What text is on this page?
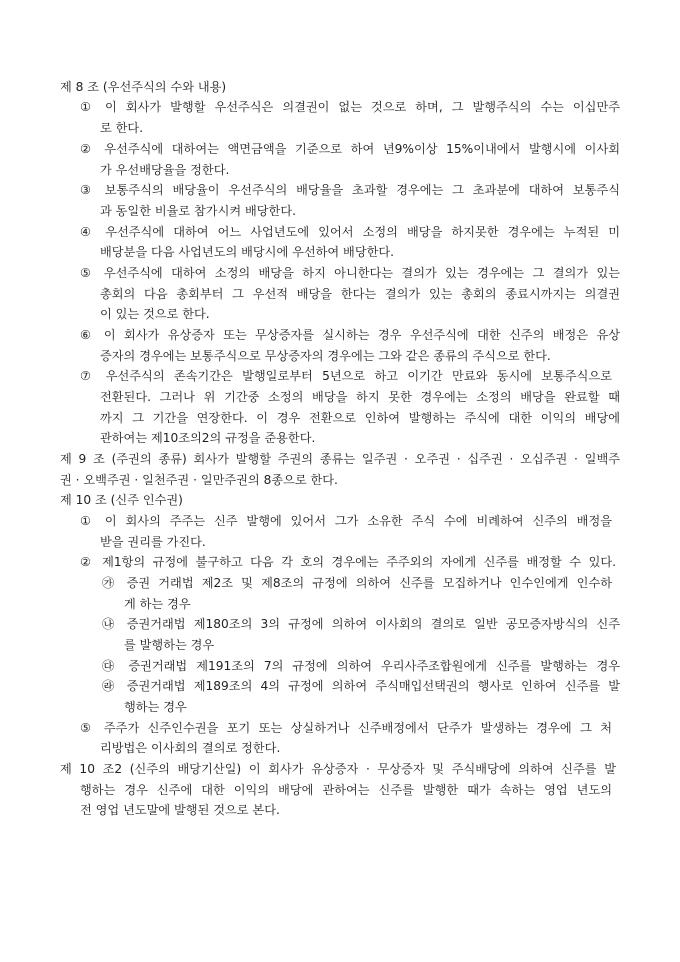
제 8 조 (우선주식의 수와 내용)
① 이 회사가 발행할 우선주식은 의결권이 없는 것으로 하며, 그 발행주식의 수는 이십만주
로 한다.
② 우선주식에 대하여는 액면금액을 기준으로 하여 년9%이상 15%이내에서 발행시에 이사회
가 우선배당율을 정한다.
③ 보통주식의 배당율이 우선주식의 배당율을 초과할 경우에는 그 초과분에 대하여 보통주식
과 동일한 비율로 참가시켜 배당한다.
④ 우선주식에 대하여 어느 사업년도에 있어서 소정의 배당을 하지못한 경우에는 누적된 미
배당분을 다음 사업년도의 배당시에 우선하여 배당한다.
⑤ 우선주식에 대하여 소정의 배당을 하지 아니한다는 결의가 있는 경우에는 그 결의가 있는
총회의 다음 총회부터 그 우선적 배당을 한다는 결의가 있는 총회의 종료시까지는 의결권
이 있는 것으로 한다.
⑥ 이 회사가 유상증자 또는 무상증자를 실시하는 경우 우선주식에 대한 신주의 배정은 유상
증자의 경우에는 보통주식으로 무상증자의 경우에는 그와 같은 종류의 주식으로 한다.
⑦ 우선주식의 존속기간은 발행일로부터 5년으로 하고 이기간 만료와 동시에 보통주식으로
전환된다. 그러나 위 기간중 소정의 배당을 하지 못한 경우에는 소정의 배당을 완료할 때
까지 그 기간을 연장한다. 이 경우 전환으로 인하여 발행하는 주식에 대한 이익의 배당에
관하여는 제10조의2의 규정을 준용한다.
제 9 조 (주권의 종류) 회사가 발행할 주권의 종류는 일주권 · 오주권 · 십주권 · 오십주권 · 일백주
권 · 오백주권 · 일천주권 · 일만주권의 8종으로 한다.
제 10 조 (신주 인수권)
① 이 회사의 주주는 신주 발행에 있어서 그가 소유한 주식 수에 비례하여 신주의 배정을
받을 권리를 가진다.
② 제1항의 규정에 불구하고 다음 각 호의 경우에는 주주외의 자에게 신주를 배정할 수 있다.
㉮ 증권 거래법 제2조 및 제8조의 규정에 의하여 신주를 모집하거나 인수인에게 인수하
게 하는 경우
㉯ 증권거래법 제180조의 3의 규정에 의하여 이사회의 결의로 일반 공모증자방식의 신주
를 발행하는 경우
㉰ 증권거래법 제191조의 7의 규정에 의하여 우리사주조합원에게 신주를 발행하는 경우
㉱ 증권거래법 제189조의 4의 규정에 의하여 주식매입선택권의 행사로 인하여 신주를 발
행하는 경우
⑤ 주주가 신주인수권을 포기 또는 상실하거나 신주배정에서 단주가 발생하는 경우에 그 처
리방법은 이사회의 결의로 정한다.
제 10 조2 (신주의 배당기산일) 이 회사가 유상증자 · 무상증자 및 주식배당에 의하여 신주를 발
행하는 경우 신주에 대한 이익의 배당에 관하여는 신주를 발행한 때가 속하는 영업 년도의
전 영업 년도말에 발행된 것으로 본다.
